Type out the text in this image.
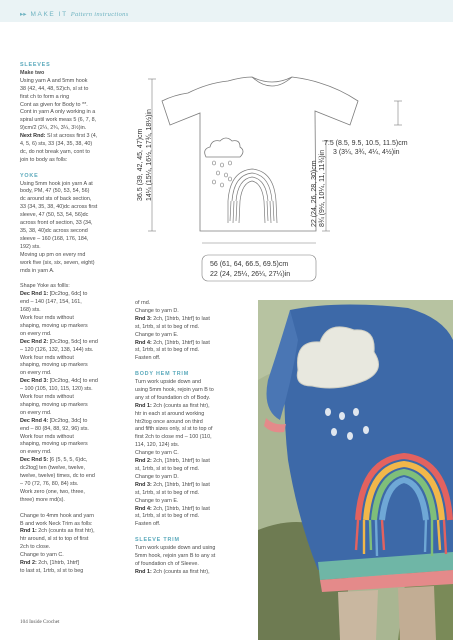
▸▸ MAKE IT Pattern instructions

SLEEVES

Make two

Using yarn A and 5mm hook

38 (42, 44, 48, 52)ch, sl st to

first ch to form a ring

Cont as given for Body to **.

Cont in yarn A only working in a

spiral until work meas 5 (6, 7, 8,

9)cm/2 (2¼, 2¾, 3¼, 3½)in.

Next Rnd: Sl st across first 3 (4,

4, 5, 6) sts, 33 (34, 35, 38, 40)

dc, do not break yarn, cont to

join to body as folls:

YOKE

Using 5mm hook join yarn A at

body, PM, 47 (50, 53, 54, 56)

dc around sts of back section,

33 (34, 35, 38, 40)dc across first

sleeve, 47 (50, 53, 54, 56)dc

across front of section, 33 (34,

35, 38, 40)dc across second

sleeve – 160 (168, 176, 184,

192) sts.

Moving up pm on every rnd

work five (six, six, seven, eight)

rnds in yarn A.

Shape Yoke as follls:

Dec Rnd 1: [Dc2tog, 6dc] to

end – 140 (147, 154, 161,

168) sts.

Work four rnds without

shaping, moving up markers

on every rnd.

Dec Rnd 2: [Dc2tog, 5dc] to end

– 120 (126, 132, 138, 144) sts.

Work four rnds without

shaping, moving up markers

on every rnd.

Dec Rnd 3: [Dc2tog, 4dc] to end

– 100 (105, 110, 115, 120) sts.

Work four rnds without

shaping, moving up markers

on every rnd.

Dec Rnd 4: [Dc2tog, 3dc] to

end – 80 (84, 88, 92, 96) sts.

Work four rnds without

shaping, moving up markers

on every rnd.

Dec Rnd 5: [6 (5, 5, 5, 6)dc,

dc2tog] ten (twelve, twelve,

twelve, twelve) times, dc to end

– 70 (72, 76, 80, 84) sts.

Work zero (one, two, three,

three) more rnd(s).

Change to 4mm hook and yarn

B and work Neck Trim as folls:

Rnd 1: 2ch (counts as first htr),

htr around, sl st to top of first

2ch to close.

Change to yarn C.

Rnd 2: 2ch, [1htrb, 1htrf]

to last st, 1rtrb, sl st to beg

of rnd.

Change to yarn D.

Rnd 3: 2ch, [1htrb, 1htrf] to last

st, 1rtrb, sl st to beg of rnd.

Change to yarn E.

Rnd 4: 2ch, [1htrb, 1htrf] to last

st, 1rtrb, sl st to beg of rnd.

Fasten off.

BODY HEM TRIM

Turn work upside down and

using 5mm hook, rejoin yarn B to

any st of foundation ch of Body.

Rnd 1: 2ch (counts as first htr),

htr in each st around working

htr2tog once around on third

and fifth sizes only, sl st to top of

first 2ch to close rnd – 100 (110,

114, 120, 124) sts.

Change to yarn C.

Rnd 2: 2ch, [1htrb, 1htrf] to last

st, 1rtrb, sl st to beg of rnd.

Change to yarn D.

Rnd 3: 2ch, [1htrb, 1htrf] to last

st, 1rtrb, sl st to beg of rnd.

Change to yarn E.

Rnd 4: 2ch, [1htrb, 1htrf] to last

st, 1rtrb, sl st to beg of rnd.

Fasten off.

SLEEVE TRIM

Turn work upside down and using

5mm hook, rejoin yarn B to any st

of foundation ch of Sleeve.

Rnd 1: 2ch (counts as first htr),

36.5 (39, 42, 45, 47)cm 14¼ (15¼, 16½, 17¾, 18½)in	22 (24, 26, 28, 30)cm 8¾ (9½, 10¼, 11, 11¾)in
7.5 (8.5, 9.5, 10.5, 11.5)cm
3 (3¼, 3¾, 4¼, 4½)in
56 (61, 64, 66.5, 69.5)cm
22 (24, 25¼, 26¼, 27¼)in
104 Inside Crochet
